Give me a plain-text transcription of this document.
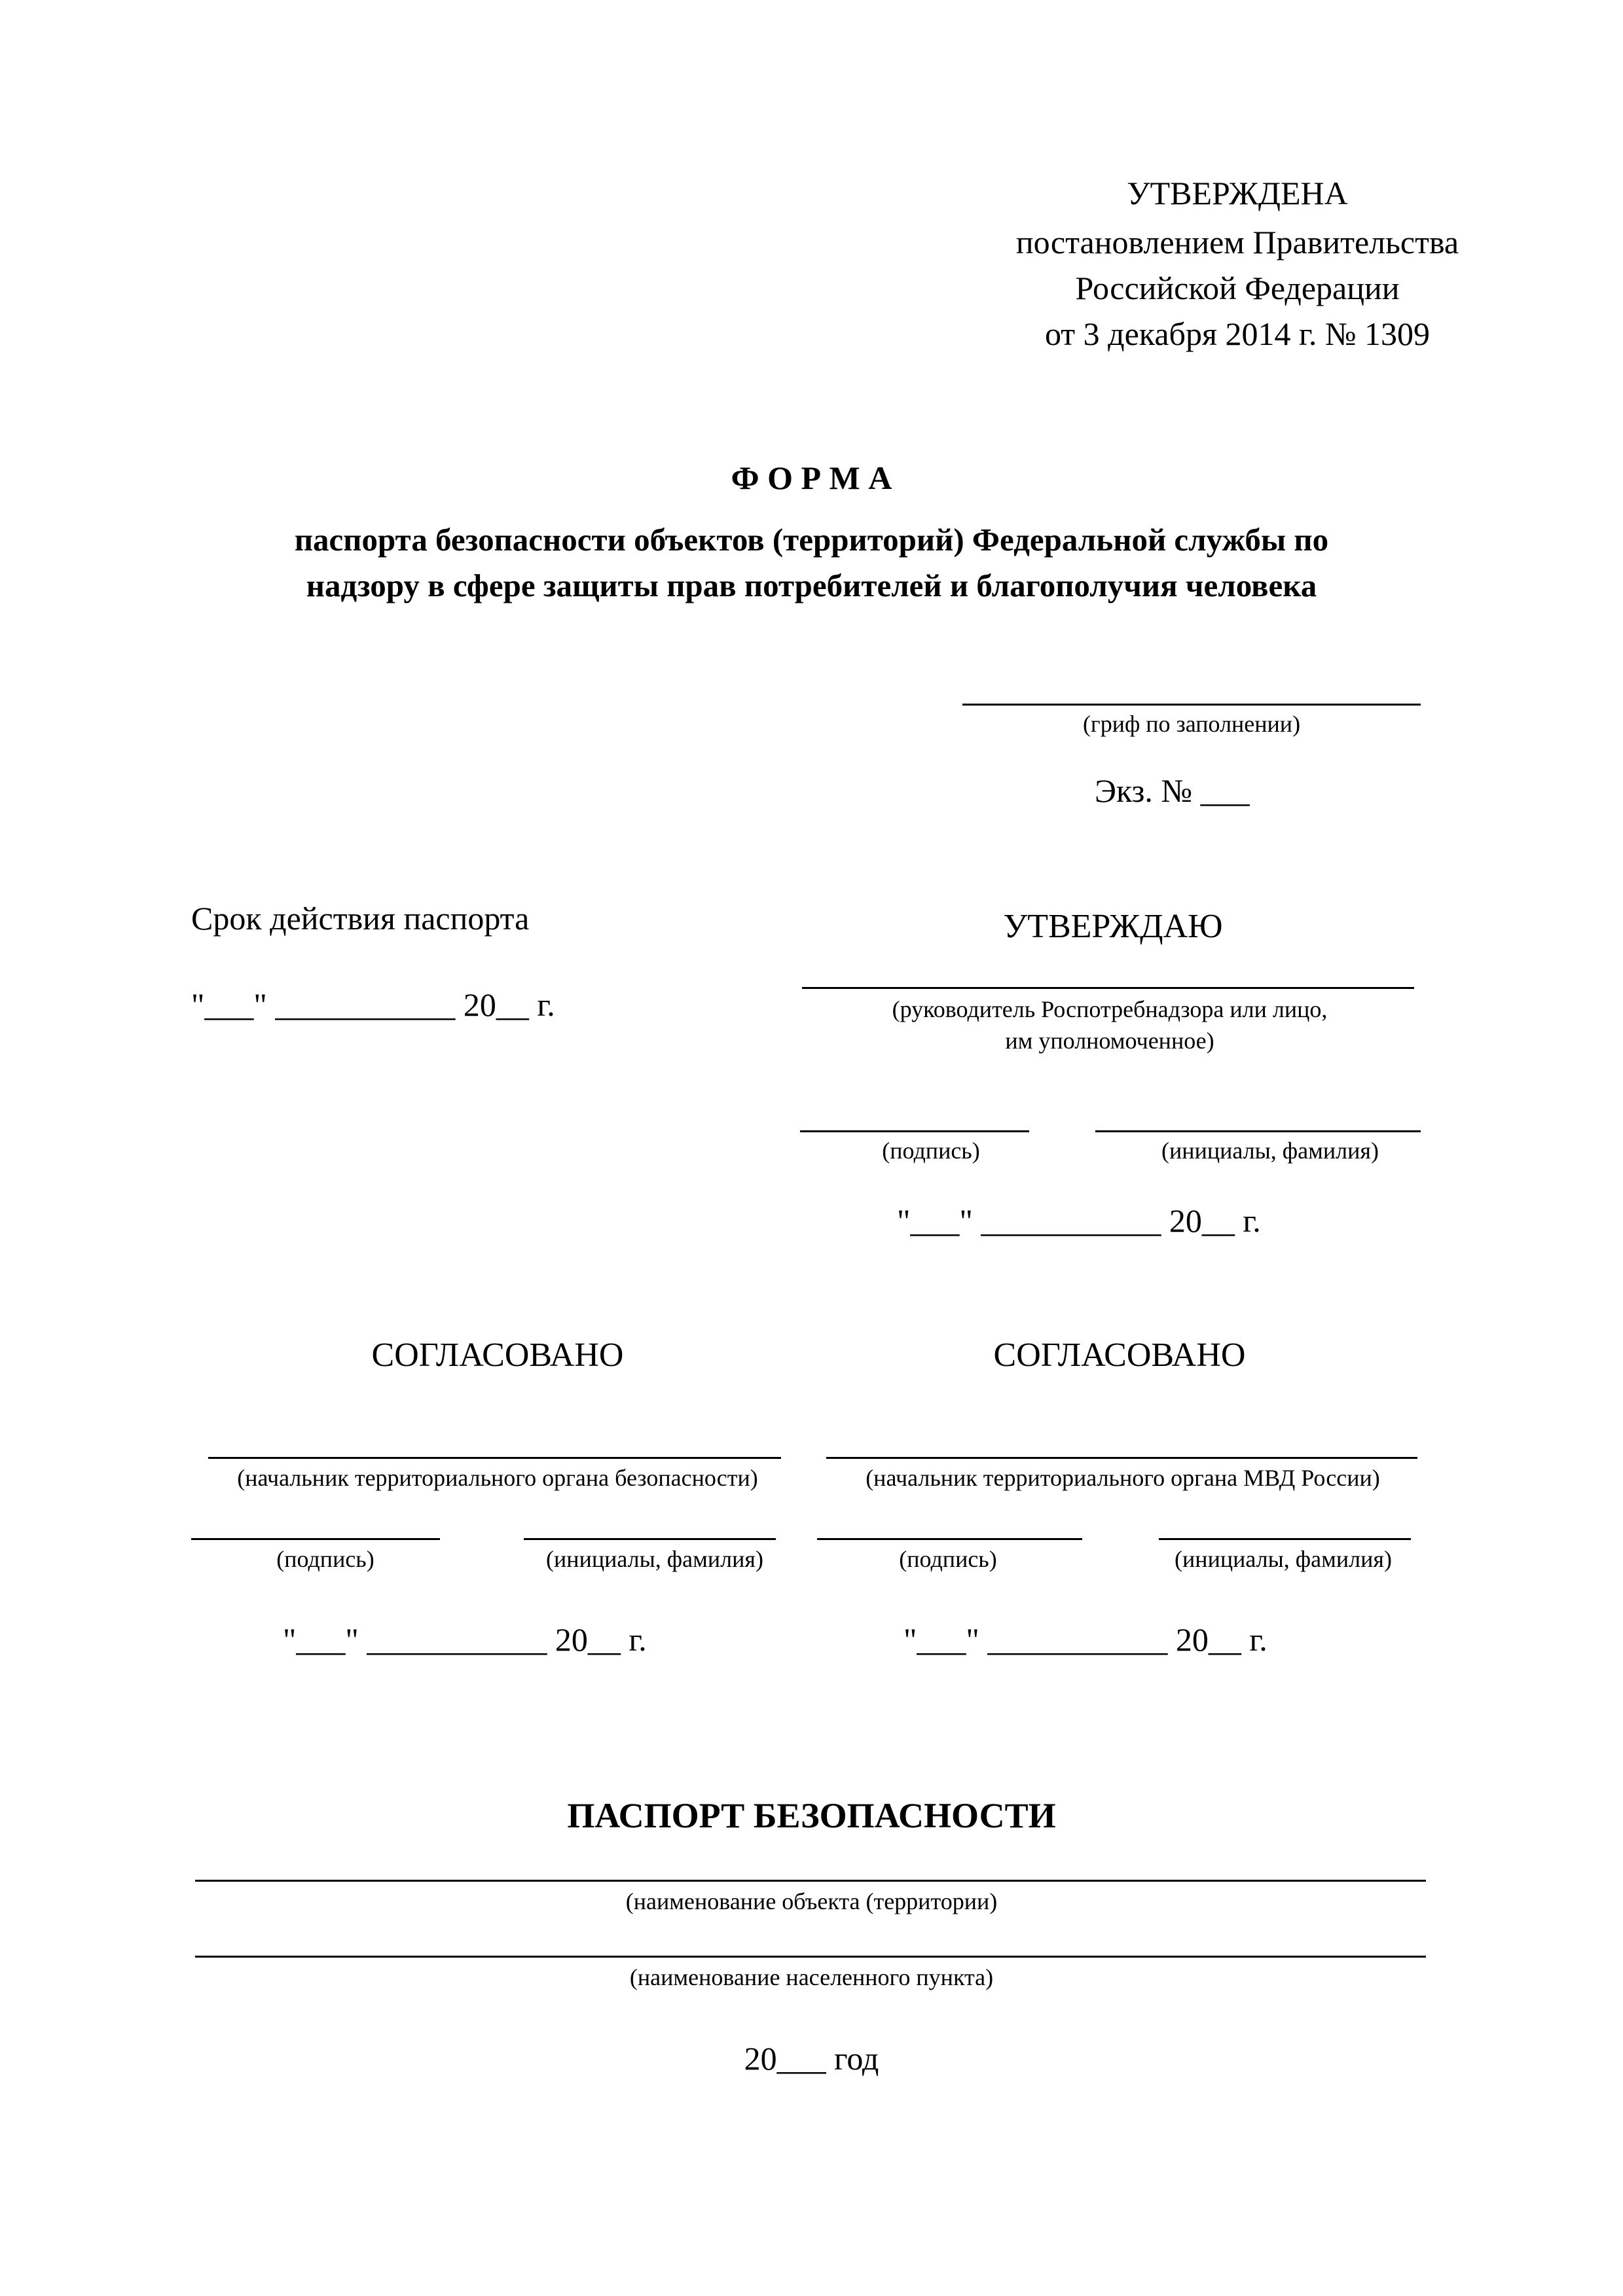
УТВЕРЖДЕНА
постановлением Правительства
Российской Федерации
от 3 декабря 2014 г. № 1309
Ф О Р М А
паспорта безопасности объектов (территорий) Федеральной службы по
надзору в сфере защиты прав потребителей и благополучия человека
(гриф по заполнении)
Экз. № ___
Срок действия паспорта
"___" ___________ 20__ г.
УТВЕРЖДАЮ
(руководитель Роспотребнадзора или лицо,
им уполномоченное)
(подпись)	(инициалы, фамилия)
"___" ___________ 20__ г.
СОГЛАСОВАНО
(начальник территориального органа безопасности)
(подпись)	(инициалы, фамилия)
"___" ___________ 20__ г.
СОГЛАСОВАНО
(начальник территориального органа МВД России)
(подпись)	(инициалы, фамилия)
"___" ___________ 20__ г.
ПАСПОРТ БЕЗОПАСНОСТИ
(наименование объекта (территории)
(наименование населенного пункта)
20___ год
